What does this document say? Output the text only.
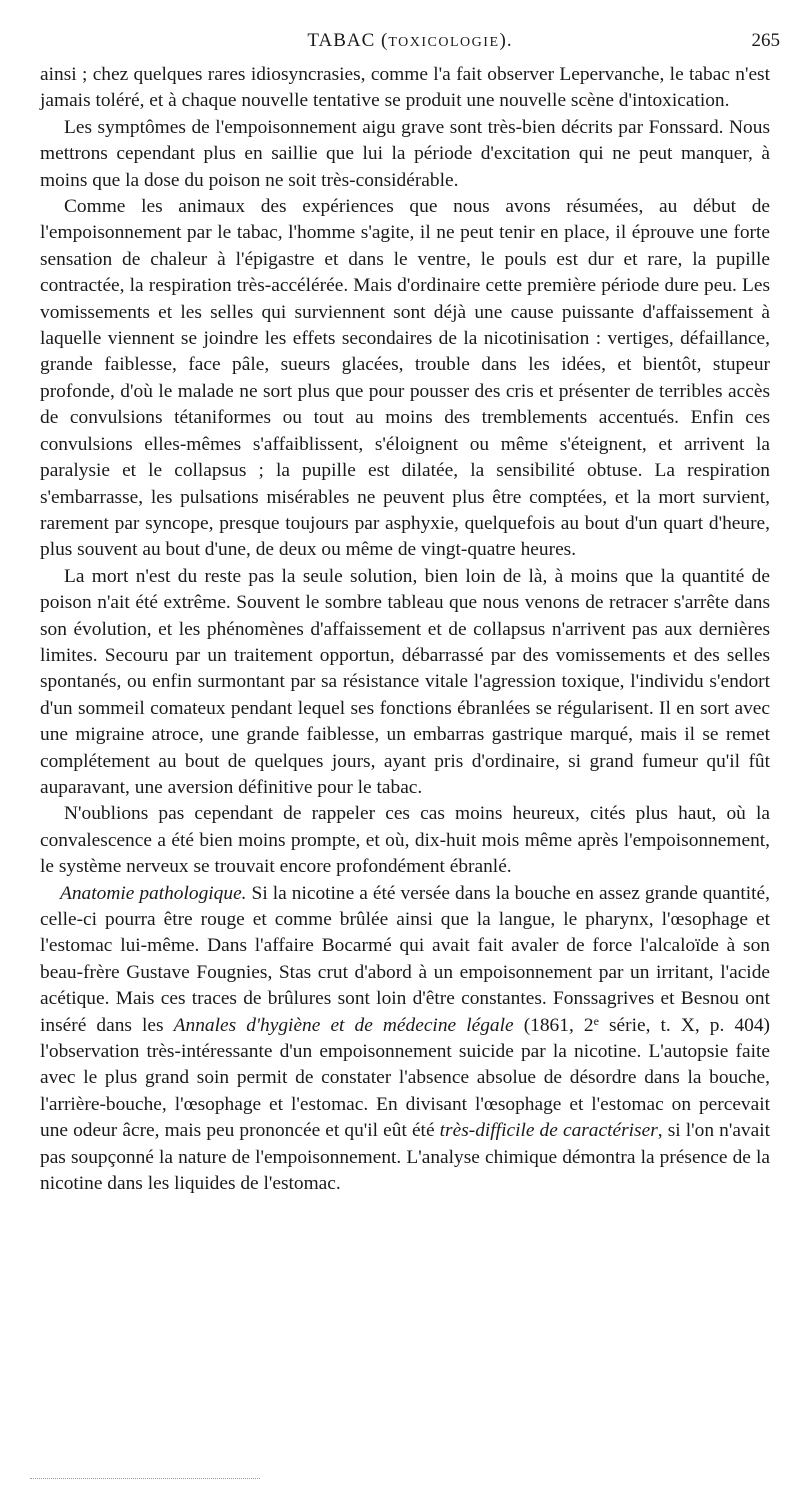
TABAC (TOXICOLOGIE).	265

ainsi ; chez quelques rares idiosyncrasies, comme l'a fait observer Lepervanche, le tabac n'est jamais toléré, et à chaque nouvelle tentative se produit une nouvelle scène d'intoxication.

Les symptômes de l'empoisonnement aigu grave sont très-bien décrits par Fonssard. Nous mettrons cependant plus en saillie que lui la période d'excitation qui ne peut manquer, à moins que la dose du poison ne soit très-considérable.

Comme les animaux des expériences que nous avons résumées, au début de l'empoisonnement par le tabac, l'homme s'agite, il ne peut tenir en place, il éprouve une forte sensation de chaleur à l'épigastre et dans le ventre, le pouls est dur et rare, la pupille contractée, la respiration très-accélérée. Mais d'ordinaire cette première période dure peu. Les vomissements et les selles qui surviennent sont déjà une cause puissante d'affaissement à laquelle viennent se joindre les effets secondaires de la nicotinisation : vertiges, défaillance, grande faiblesse, face pâle, sueurs glacées, trouble dans les idées, et bientôt, stupeur profonde, d'où le malade ne sort plus que pour pousser des cris et présenter de terribles accès de convulsions tétaniformes ou tout au moins des tremblements accentués. Enfin ces convulsions elles-mêmes s'affaiblissent, s'éloignent ou même s'éteignent, et arrivent la paralysie et le collapsus ; la pupille est dilatée, la sensibilité obtuse. La respiration s'embarrasse, les pulsations misérables ne peuvent plus être comptées, et la mort survient, rarement par syncope, presque toujours par asphyxie, quelquefois au bout d'un quart d'heure, plus souvent au bout d'une, de deux ou même de vingt-quatre heures.

La mort n'est du reste pas la seule solution, bien loin de là, à moins que la quantité de poison n'ait été extrême. Souvent le sombre tableau que nous venons de retracer s'arrête dans son évolution, et les phénomènes d'affaissement et de collapsus n'arrivent pas aux dernières limites. Secouru par un traitement opportun, débarrassé par des vomissements et des selles spontanés, ou enfin surmontant par sa résistance vitale l'agression toxique, l'individu s'endort d'un sommeil comateux pendant lequel ses fonctions ébranlées se régularisent. Il en sort avec une migraine atroce, une grande faiblesse, un embarras gastrique marqué, mais il se remet complétement au bout de quelques jours, ayant pris d'ordinaire, si grand fumeur qu'il fût auparavant, une aversion définitive pour le tabac.

N'oublions pas cependant de rappeler ces cas moins heureux, cités plus haut, où la convalescence a été bien moins prompte, et où, dix-huit mois même après l'empoisonnement, le système nerveux se trouvait encore profondément ébranlé.

Anatomie pathologique. Si la nicotine a été versée dans la bouche en assez grande quantité, celle-ci pourra être rouge et comme brûlée ainsi que la langue, le pharynx, l'œsophage et l'estomac lui-même. Dans l'affaire Bocarmé qui avait fait avaler de force l'alcaloïde à son beau-frère Gustave Fougnies, Stas crut d'abord à un empoisonnement par un irritant, l'acide acétique. Mais ces traces de brûlures sont loin d'être constantes. Fonssagrives et Besnou ont inséré dans les Annales d'hygiène et de médecine légale (1861, 2e série, t. X, p. 404) l'observation très-intéressante d'un empoisonnement suicide par la nicotine. L'autopsie faite avec le plus grand soin permit de constater l'absence absolue de désordre dans la bouche, l'arrière-bouche, l'œsophage et l'estomac. En divisant l'œsophage et l'estomac on percevait une odeur âcre, mais peu prononcée et qu'il eût été très-difficile de caractériser, si l'on n'avait pas soupçonné la nature de l'empoisonnement. L'analyse chimique démontra la présence de la nicotine dans les liquides de l'estomac.
